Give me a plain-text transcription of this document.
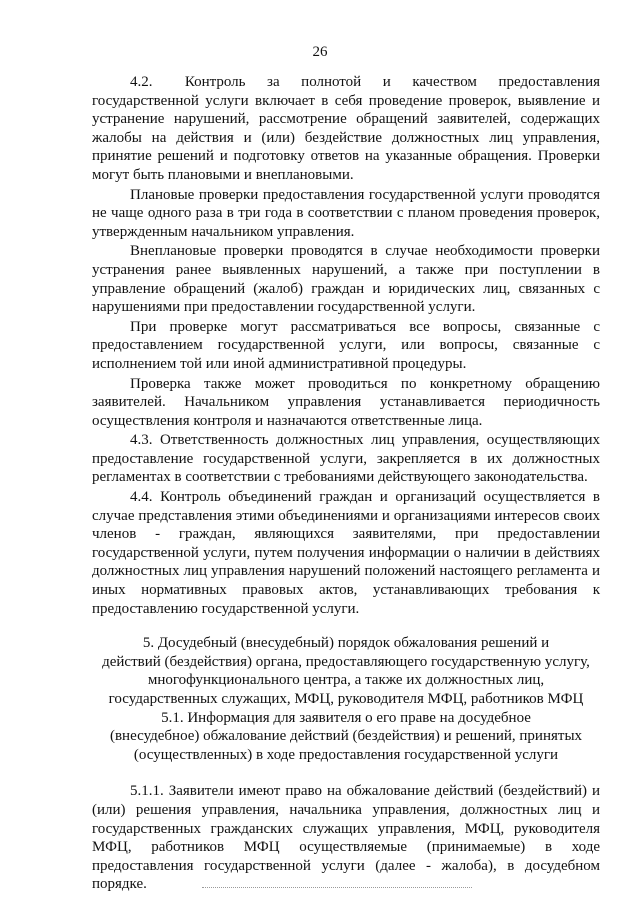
26

4.2.      Контроль    за    полнотой    и    качеством    предоставления государственной услуги включает в себя проведение проверок, выявление и устранение нарушений, рассмотрение обращений заявителей, содержащих жалобы на действия и (или) бездействие должностных лиц управления, принятие решений и подготовку ответов на указанные обращения. Проверки могут быть плановыми и внеплановыми.

Плановые проверки предоставления государственной услуги проводятся не чаще одного раза в три года в соответствии с планом проведения проверок, утвержденным начальником управления.

Внеплановые проверки проводятся в случае необходимости проверки устранения ранее выявленных нарушений, а также при поступлении в управление обращений (жалоб) граждан и юридических лиц, связанных с нарушениями при предоставлении государственной услуги.

При проверке могут рассматриваться все вопросы, связанные с предоставлением государственной услуги, или вопросы, связанные с исполнением той или иной административной процедуры.

Проверка также может проводиться по конкретному обращению заявителей. Начальником управления устанавливается периодичность осуществления контроля и назначаются ответственные лица.

4.3. Ответственность должностных лиц управления, осуществляющих предоставление государственной услуги, закрепляется в их должностных регламентах в соответствии с требованиями действующего законодательства.

4.4. Контроль объединений граждан и организаций осуществляется в случае представления этими объединениями и организациями интересов своих членов - граждан, являющихся заявителями, при предоставлении государственной услуги, путем получения информации о наличии в действиях должностных лиц управления нарушений положений настоящего регламента и иных нормативных правовых актов, устанавливающих требования к предоставлению государственной услуги.

5. Досудебный (внесудебный) порядок обжалования решений и
действий (бездействия) органа, предоставляющего государственную услугу,
многофункционального центра, а также их должностных лиц,
государственных служащих, МФЦ, руководителя МФЦ, работников МФЦ
5.1. Информация для заявителя о его праве на досудебное
(внесудебное) обжалование действий (бездействия) и решений, принятых
(осуществленных) в ходе предоставления государственной услуги

5.1.1. Заявители имеют право на обжалование действий (бездействий) и (или) решения управления, начальника управления, должностных лиц и государственных гражданских служащих управления, МФЦ, руководителя МФЦ, работников МФЦ осуществляемые (принимаемые) в ходе предоставления государственной услуги (далее - жалоба), в досудебном порядке.
